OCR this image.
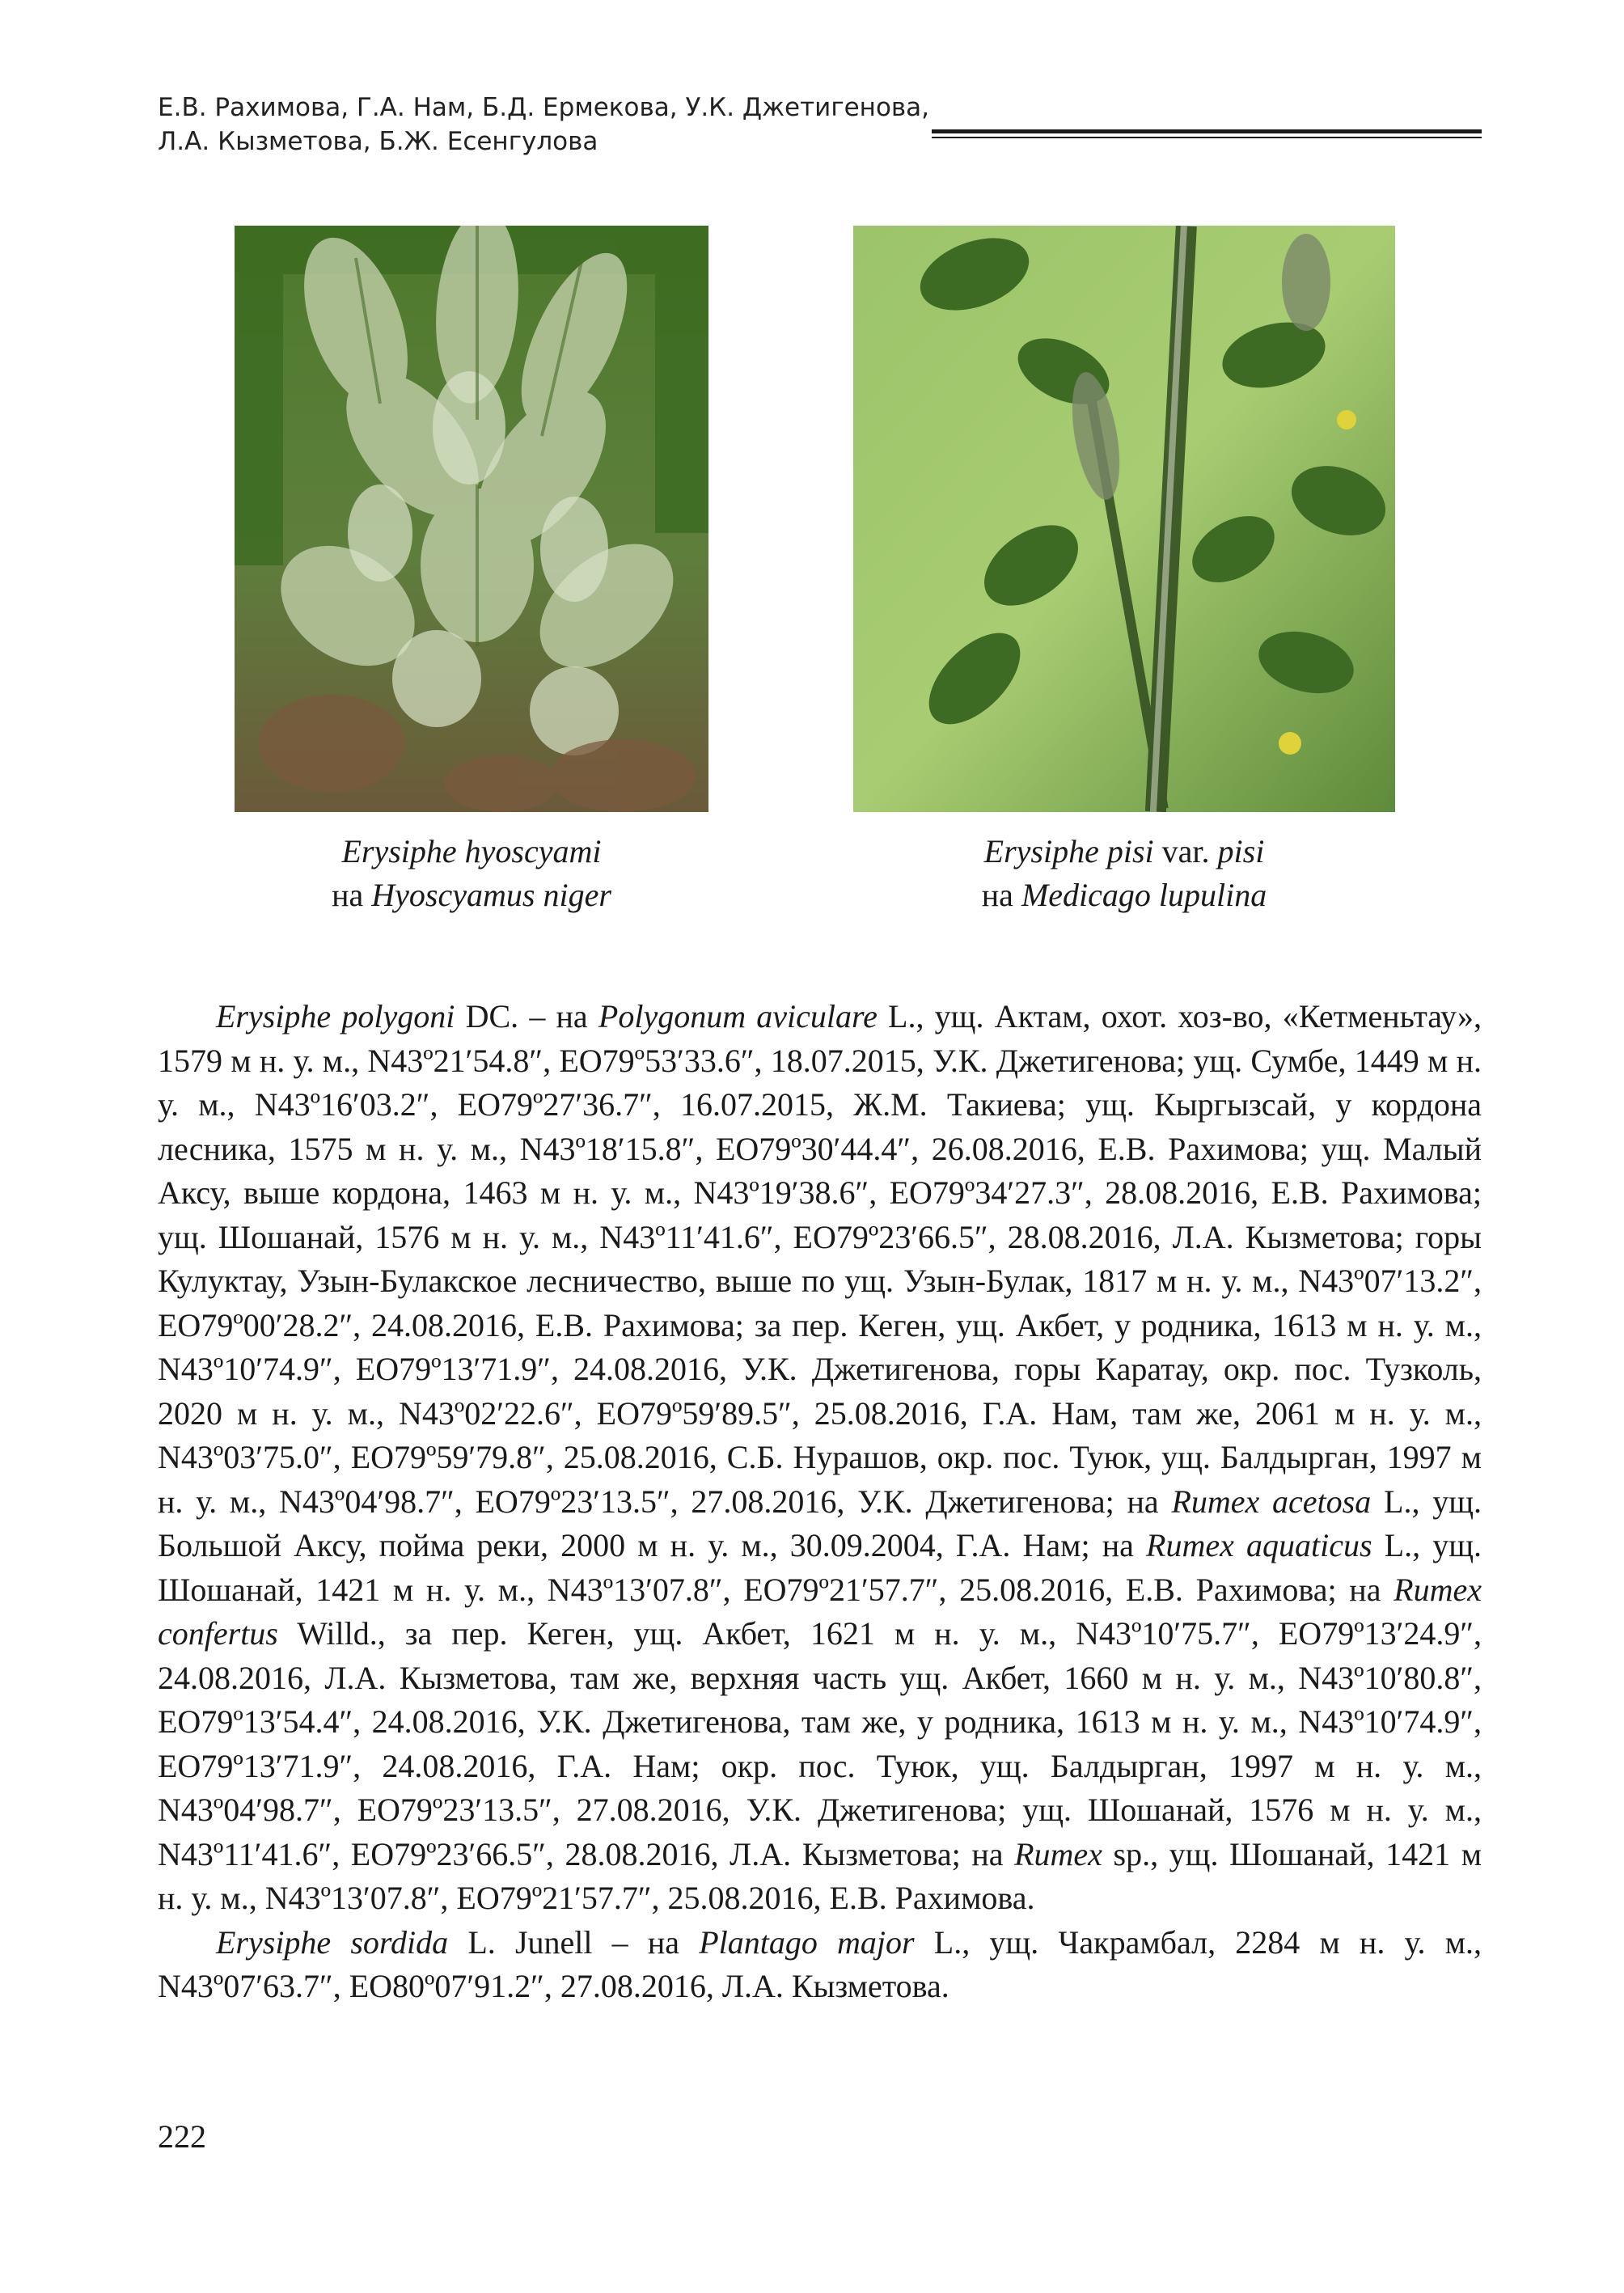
Е.В. Рахимова, Г.А. Нам, Б.Д. Ермекова, У.К. Джетигенова,
Л.А. Кызметова, Б.Ж. Есенгулова
Erysiphe hyoscyami
на Hyoscyamus niger
Erysiphe pisi var. pisi
на Medicago lupulina

Erysiphe polygoni DC. – на Polygonum aviculare L., ущ. Актам, охот. хоз-во, «Кетменьтау», 1579 м н. у. м., N43º21′54.8″, EO79º53′33.6″, 18.07.2015, У.К. Джетигенова; ущ. Сумбе, 1449 м н. у. м., N43º16′03.2″, EO79º27′36.7″, 16.07.2015, Ж.М. Такиева; ущ. Кыргызсай, у кордона лесника, 1575 м н. у. м., N43º18′15.8″, EO79º30′44.4″, 26.08.2016, Е.В. Рахимова; ущ. Малый Аксу, выше кордона, 1463 м н. у. м., N43º19′38.6″, EO79º34′27.3″, 28.08.2016, Е.В. Рахимова; ущ. Шошанай, 1576 м н. у. м., N43º11′41.6″, EO79º23′66.5″, 28.08.2016, Л.А. Кызметова; горы Кулуктау, Узын-Булакское лесничество, выше по ущ. Узын-Булак, 1817 м н. у. м., N43º07′13.2″, EO79º00′28.2″, 24.08.2016, Е.В. Рахимова; за пер. Кеген, ущ. Акбет, у родника, 1613 м н. у. м., N43º10′74.9″, EO79º13′71.9″, 24.08.2016, У.К. Джетигенова, горы Каратау, окр. пос. Тузколь, 2020 м н. у. м., N43º02′22.6″, EO79º59′89.5″, 25.08.2016, Г.А. Нам, там же, 2061 м н. у. м., N43º03′75.0″, EO79º59′79.8″, 25.08.2016, С.Б. Нурашов, окр. пос. Туюк, ущ. Балдырган, 1997 м н. у. м., N43º04′98.7″, EO79º23′13.5″, 27.08.2016, У.К. Джетигенова; на Rumex acetosa L., ущ. Большой Аксу, пойма реки, 2000 м н. у. м., 30.09.2004, Г.А. Нам; на Rumex aquaticus L., ущ. Шошанай, 1421 м н. у. м., N43º13′07.8″, EO79º21′57.7″, 25.08.2016, Е.В. Рахимова; на Rumex confertus Willd., за пер. Кеген, ущ. Акбет, 1621 м н. у. м., N43º10′75.7″, EO79º13′24.9″, 24.08.2016, Л.А. Кызметова, там же, верхняя часть ущ. Акбет, 1660 м н. у. м., N43º10′80.8″, EO79º13′54.4″, 24.08.2016, У.К. Джетигенова, там же, у родника, 1613 м н. у. м., N43º10′74.9″, EO79º13′71.9″, 24.08.2016, Г.А. Нам; окр. пос. Туюк, ущ. Балдырган, 1997 м н. у. м., N43º04′98.7″, EO79º23′13.5″, 27.08.2016, У.К. Джетигенова; ущ. Шошанай, 1576 м н. у. м., N43º11′41.6″, EO79º23′66.5″, 28.08.2016, Л.А. Кызметова; на Rumex sp., ущ. Шошанай, 1421 м н. у. м., N43º13′07.8″, EO79º21′57.7″, 25.08.2016, Е.В. Рахимова.

Erysiphe sordida L. Junell – на Plantago major L., ущ. Чакрамбал, 2284 м н. у. м., N43º07′63.7″, EO80º07′91.2″, 27.08.2016, Л.А. Кызметова.

222
